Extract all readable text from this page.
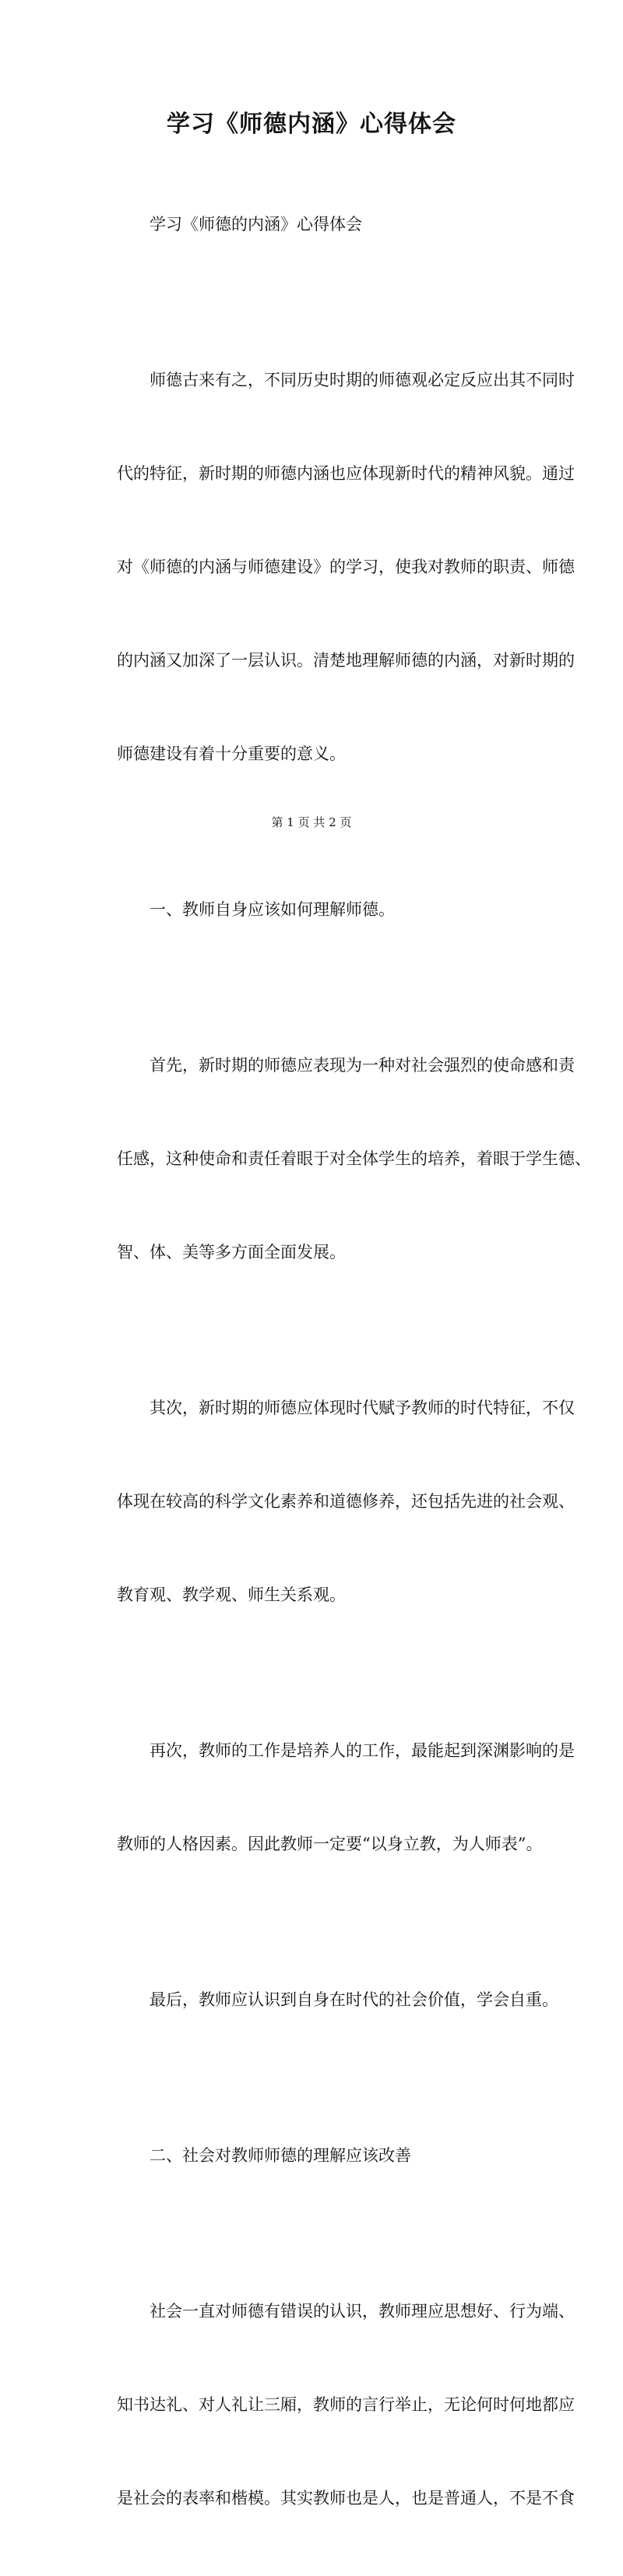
学习《师德内涵》心得体会

学习《师德的内涵》心得体会

师德古来有之，不同历史时期的师德观必定反应出其不同时

代的特征，新时期的师德内涵也应体现新时代的精神风貌。通过

对《师德的内涵与师德建设》的学习，使我对教师的职责、师德

的内涵又加深了一层认识。清楚地理解师德的内涵，对新时期的

师德建设有着十分重要的意义。

一、教师自身应该如何理解师德。

首先，新时期的师德应表现为一种对社会强烈的使命感和责

任感，这种使命和责任着眼于对全体学生的培养，着眼于学生德、

智、体、美等多方面全面发展。

其次，新时期的师德应体现时代赋予教师的时代特征，不仅

体现在较高的科学文化素养和道德修养，还包括先进的社会观、

教育观、教学观、师生关系观。

再次，教师的工作是培养人的工作，最能起到深渊影响的是

教师的人格因素。因此教师一定要“以身立教，为人师表”。

最后，教师应认识到自身在时代的社会价值，学会自重。

二、社会对教师师德的理解应该改善

社会一直对师德有错误的认识，教师理应思想好、行为端、

知书达礼、对人礼让三厢，教师的言行举止，无论何时何地都应

是社会的表率和楷模。其实教师也是人，也是普通人，不是不食

第 1 页 共 2 页
